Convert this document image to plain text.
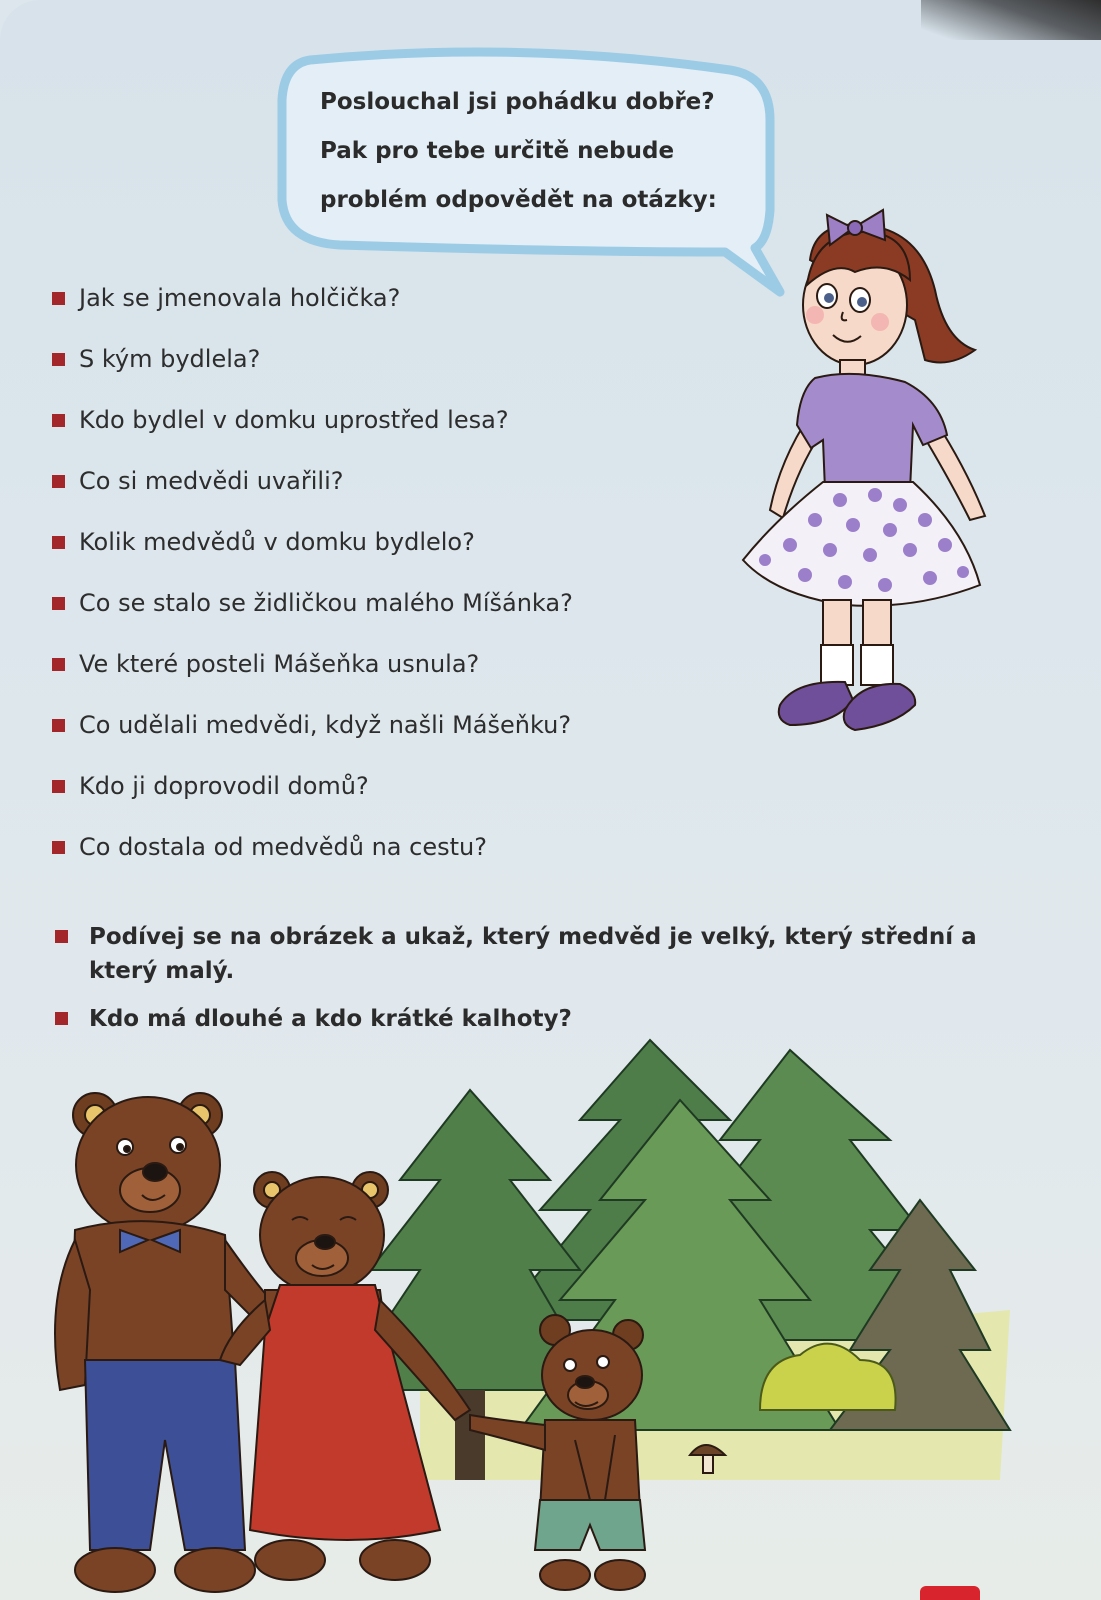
Poslouchal jsi pohádku dobře?
Pak pro tebe určitě nebude
problém odpovědět na otázky:
Jak se jmenovala holčička?
S kým bydlela?
Kdo bydlel v domku uprostřed lesa?
Co si medvědi uvařili?
Kolik medvědů v domku bydlelo?
Co se stalo se židličkou malého Míšánka?
Ve které posteli Mášeňka usnula?
Co udělali medvědi, když našli Mášeňku?
Kdo ji doprovodil domů?
Co dostala od medvědů na cestu?
Podívej se na obrázek a ukaž, který medvěd je velký, který střední a který malý.
Kdo má dlouhé a kdo krátké kalhoty?
